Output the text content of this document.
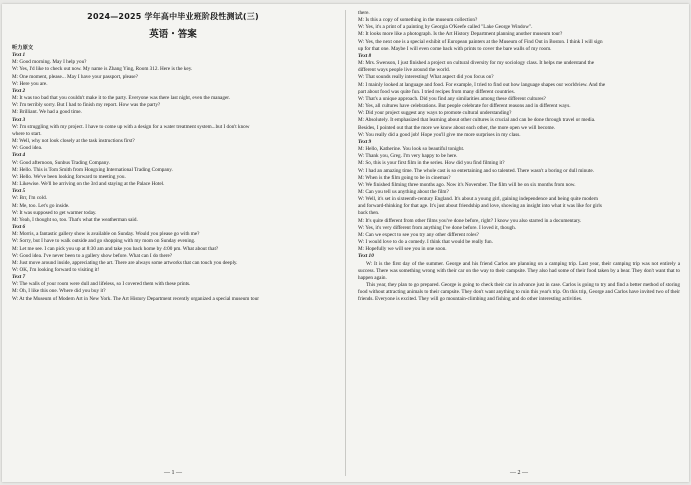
2024—2025 学年高中毕业班阶段性测试(三)
英语・答案
听力原文
Text 1
M: Good morning. May I help you?
W: Yes, I'd like to check out now. My name is Zhang Ying, Room 312. Here is the key.
M: One moment, please... May I have your passport, please?
W: Here you are.
Text 2
M: It was too bad that you couldn't make it to the party. Everyone was there last night, even the manager.
W: I'm terribly sorry. But I had to finish my report. How was the party?
M: Brilliant. We had a good time.
Text 3
W: I'm struggling with my project. I have to come up with a design for a water treatment system...but I don't know
where to start.
M: Well, why not look closely at the task instructions first?
W: Good idea.
Text 4
W: Good afternoon, Sunbus Trading Company.
M: Hello. This is Tom Smith from Hongxing International Trading Company.
W: Hello. We've been looking forward to meeting you.
M: Likewise. We'll be arriving on the 3rd and staying at the Palace Hotel.
Text 5
W: Brr, I'm cold.
M: Me, too. Let's go inside.
W: It was supposed to get warmer today.
M: Yeah, I thought so, too. That's what the weatherman said.
Text 6
M: Morris, a fantastic gallery show is available on Sunday. Would you please go with me?
W: Sorry, but I have to walk outside and go shopping with my mom on Sunday evening.
M: Let me see. I can pick you up at 8:30 am and take you back home by 4:00 pm. What about that?
W: Good idea. I've never been to a gallery show before. What can I do there?
M: Just move around inside, appreciating the art. There are always some artworks that can touch you deeply.
W: OK, I'm looking forward to visiting it!
Text 7
W: The walls of your room were dull and lifeless, so I covered them with these prints.
M: Oh, I like this one. Where did you buy it?
W: At the Museum of Modern Art in New York. The Art History Department recently organized a special museum tour
— 1 —
there.
M: Is this a copy of something in the museum collection?
W: Yes, it's a print of a painting by Georgia O'Keefe called "Lake George Window".
M: It looks more like a photograph. Is the Art History Department planning another museum tour?
W: Yes, the next one is a special exhibit of European painters at the Museum of Find Out in Boston. I think I will sign
up for that one. Maybe I will even come back with prints to cover the bare walls of my room.
Text 8
M: Mrs. Swenson, I just finished a project on cultural diversity for my sociology class. It helps me understand the
different ways people live around the world.
W: That sounds really interesting! What aspect did you focus on?
M: I mainly looked at language and food. For example, I tried to find out how language shapes our worldview. And the
part about food was quite fun. I tried recipes from many different countries.
W: That's a unique approach. Did you find any similarities among these different cultures?
M: Yes, all cultures have celebrations. But people celebrate for different reasons and in different ways.
W: Did your project suggest any ways to promote cultural understanding?
M: Absolutely. It emphasized that learning about other cultures is crucial and can be done through travel or media.
Besides, I pointed out that the more we know about each other, the more open we will become.
W: You really did a good job! Hope you'll give me more surprises in my class.
Text 9
M: Hello, Katherine. You look so beautiful tonight.
W: Thank you, Greg. I'm very happy to be here.
M: So, this is your first film in the series. How did you find filming it?
W: I had an amazing time. The whole cast is so entertaining and so talented. There wasn't a boring or dull minute.
M: When is the film going to be in cinemas?
W: We finished filming three months ago. Now it's November. The film will be on six months from now.
M: Can you tell us anything about the film?
W: Well, it's set in sixteenth-century England. It's about a young girl, gaining independence and being quite modern
and forward-thinking for that age. It's just about friendship and love, showing an insight into what it was like for girls
back then.
M: It's quite different from other films you've done before, right? I know you also starred in a documentary.
W: Yes, it's very different from anything I've done before. I loved it, though.
M: Can we expect to see you try any other different roles?
W: I would love to do a comedy. I think that would be really fun.
M: Hopefully we will see you in one soon.
Text 10
W: It is the first day of the summer. George and his friend Carlos are planning on a camping trip. Last year, their camping trip was not entirely a success. There was something wrong with their car on the way to their campsite. They also had some of their food taken by a bear. They don't want that to happen again.
This year, they plan to go prepared. George is going to check their car in advance just in case. Carlos is going to try and find a better method of storing food without attracting animals to their campsite. They don't want anything to ruin this year's trip. On this trip, George and Carlos have invited two of their friends. Everyone is excited. They will go mountain-climbing and fishing and do other interesting activities.
— 2 —
